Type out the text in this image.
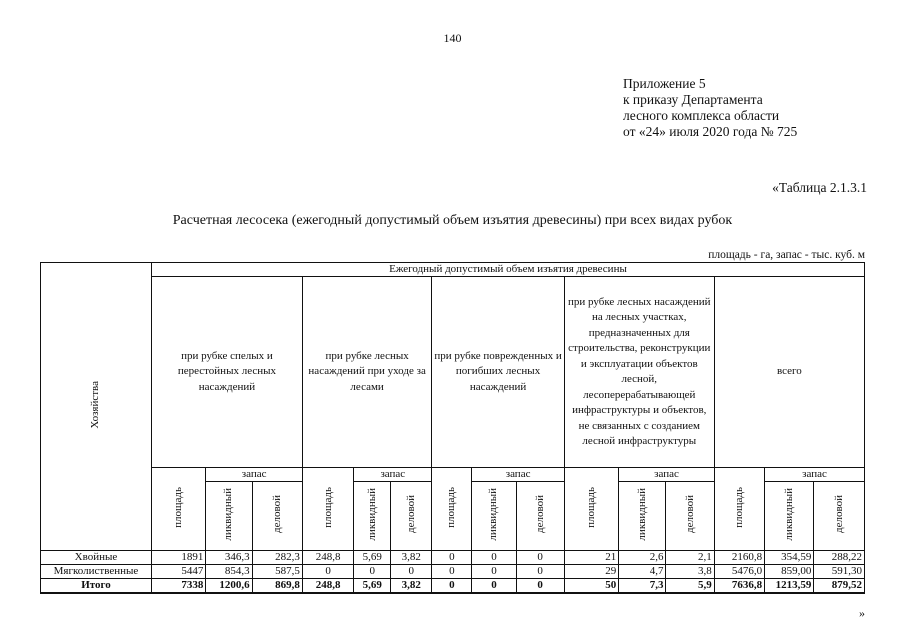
140
Приложение 5
к приказу Департамента
лесного комплекса области
от «24» июля 2020 года № 725
«Таблица 2.1.3.1
Расчетная лесосека (ежегодный допустимый объем изъятия древесины) при всех видах рубок
площадь - га, запас - тыс. куб. м
Хозяйства	Ежегодный допустимый объем изъятия древесины														
	при рубке спелых и перестойных лесных насаждений			при рубке лесных насаждений при уходе за лесами			при рубке поврежденных и погибших лесных насаждений			при рубке лесных насаждений на лесных участках, предназначенных для строительства, реконструкции и эксплуатации объектов лесной, лесоперерабатывающей инфраструктуры и объектов, не связанных с созданием лесной инфраструктуры			всего		
	площадь	запас		площадь	запас		площадь	запас		площадь	запас		площадь	запас	
		ликвидный	деловой		ликвидный	деловой		ликвидный	деловой		ликвидный	деловой		ликвидный	деловой
Хвойные	1891	346,3	282,3	248,8	5,69	3,82	0	0	0	21	2,6	2,1	2160,8	354,59	288,22
Мягколиственные	5447	854,3	587,5	0	0	0	0	0	0	29	4,7	3,8	5476,0	859,00	591,30
Итого	7338	1200,6	869,8	248,8	5,69	3,82	0	0	0	50	7,3	5,9	7636,8	1213,59	879,52
»
